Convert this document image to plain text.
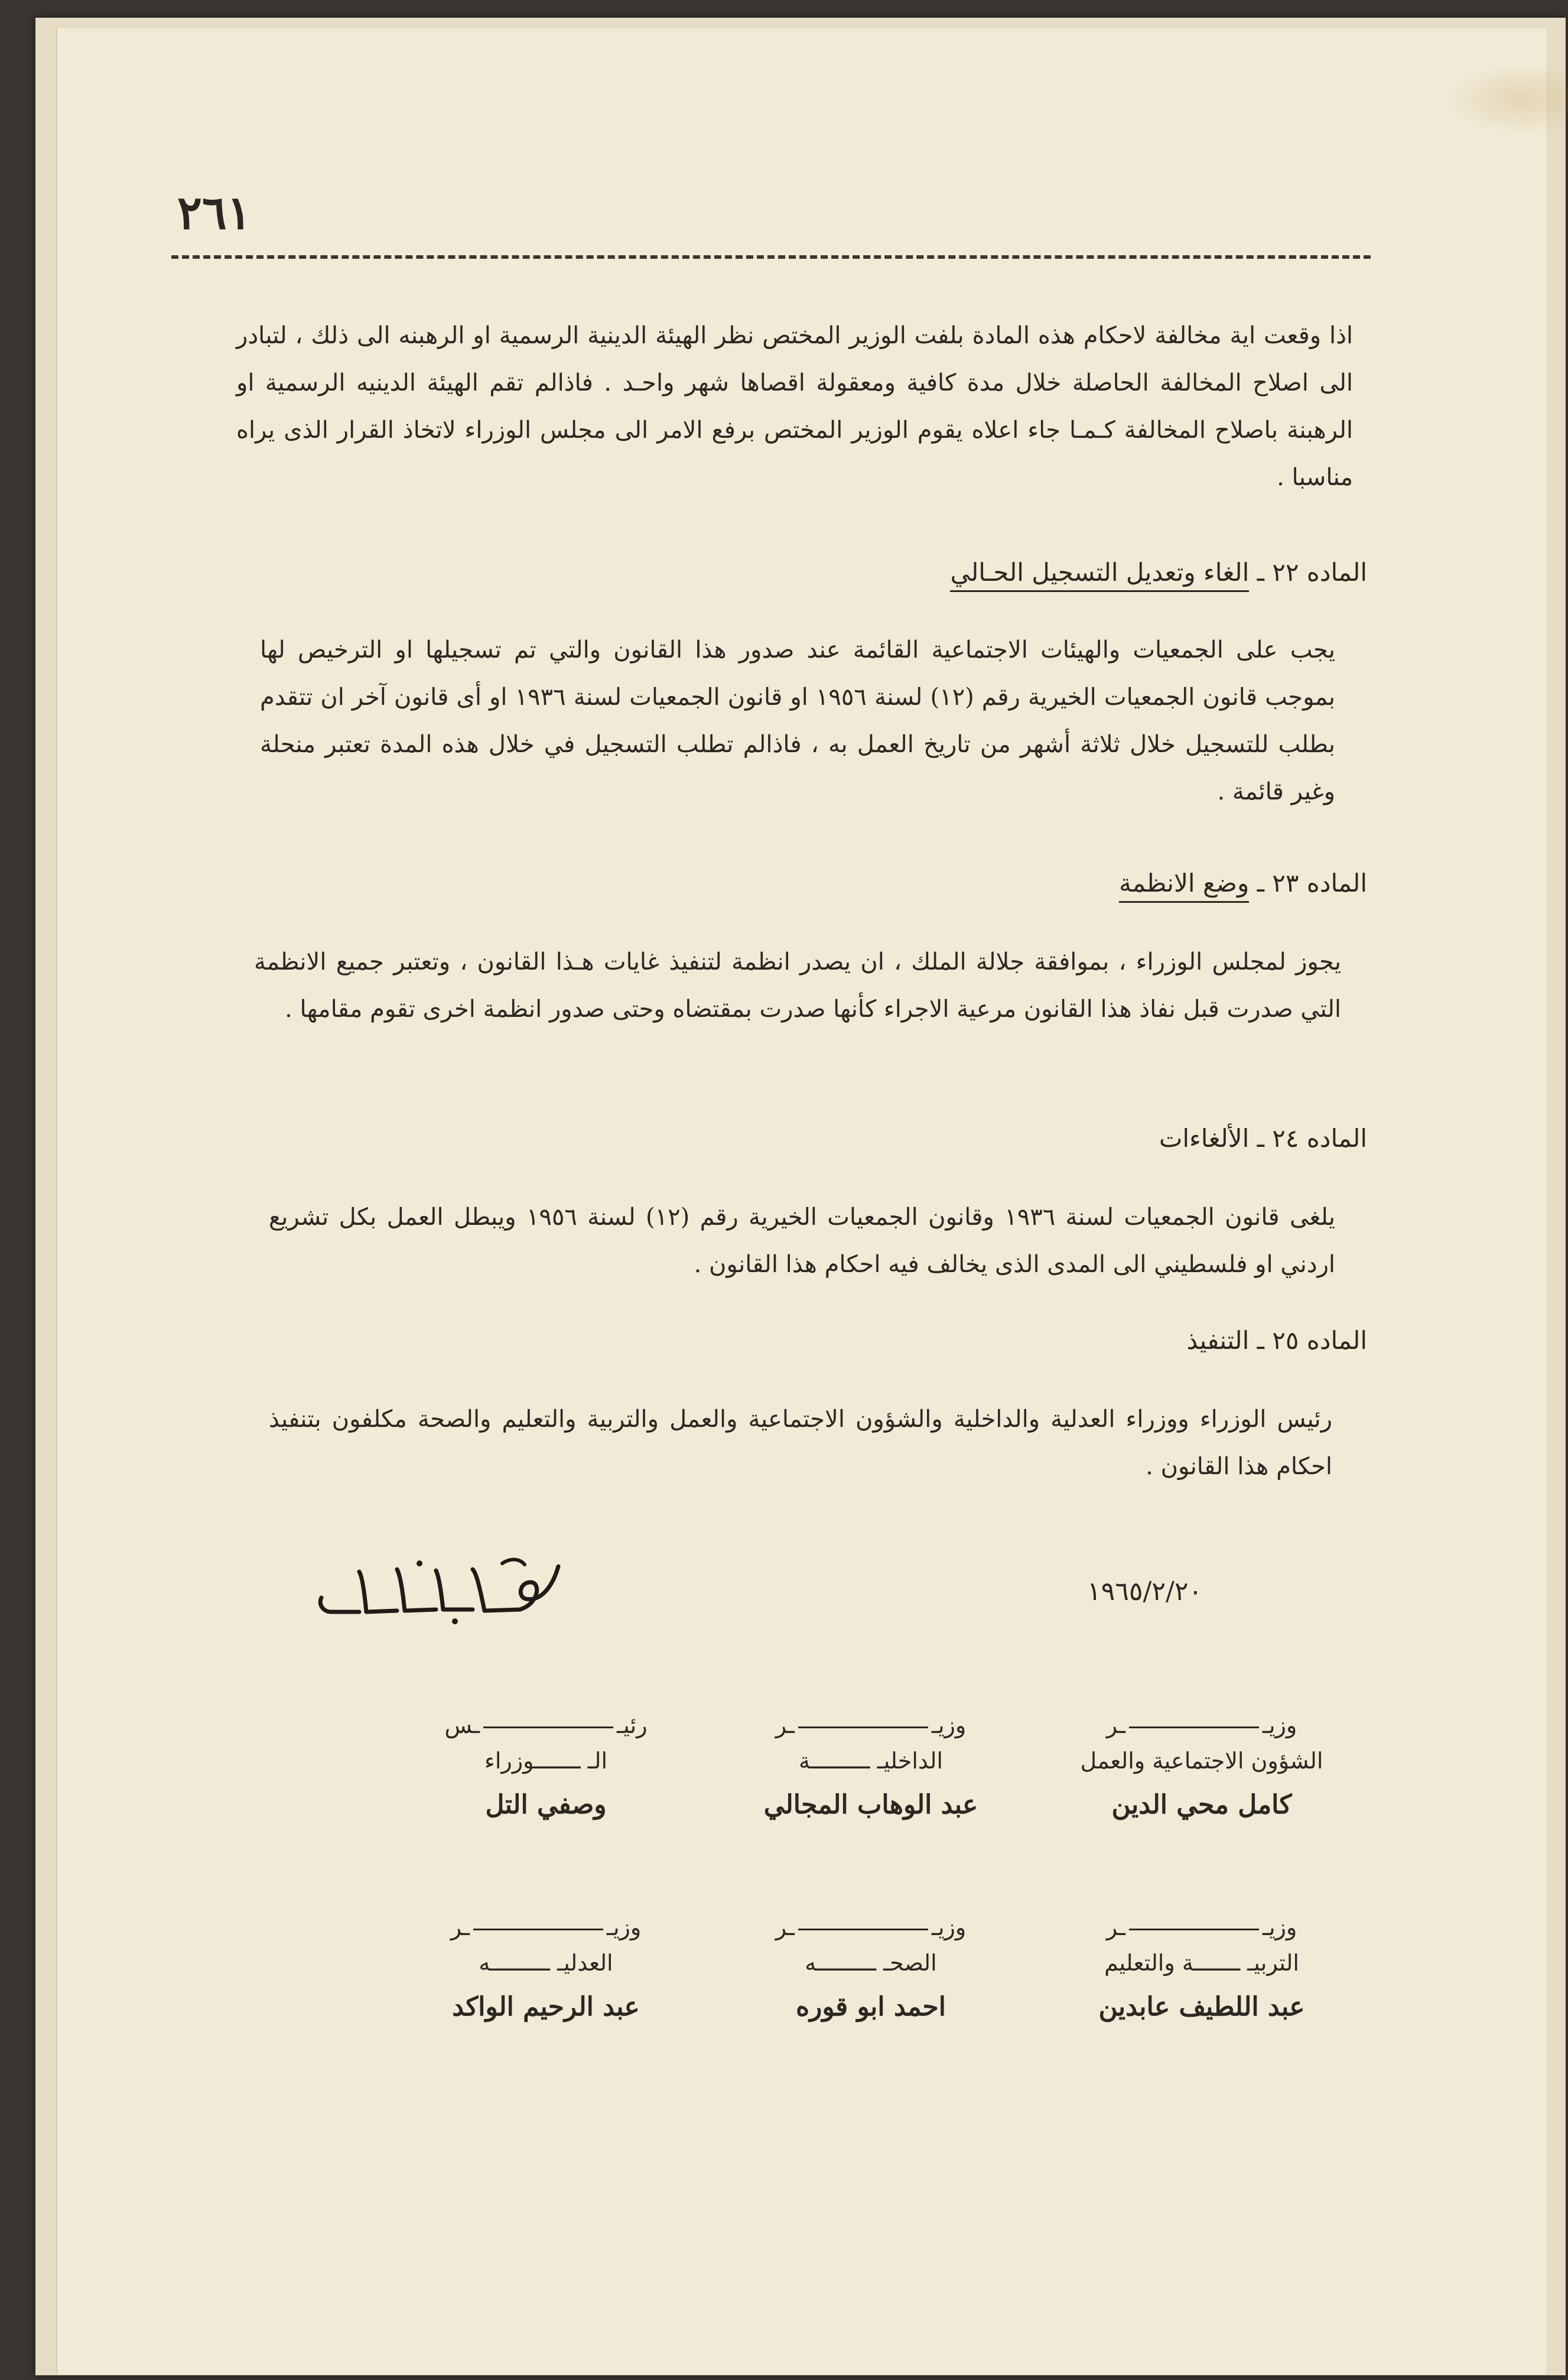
٢٦١
اذا وقعت اية مخالفة لاحكام هذه المادة بلفت الوزير المختص نظر الهيئة الدينية الرسمية او الرهبنه الى ذلك ، لتبادر الى اصلاح المخالفة الحاصلة خلال مدة كافية ومعقولة اقصاها شهر واحـد . فاذالم تقم الهيئة الدينيه الرسمية او الرهبنة باصلاح المخالفة كـمـا جاء اعلاه يقوم الوزير المختص برفع الامر الى مجلس الوزراء لاتخاذ القرار الذى يراه مناسبا .
الماده ٢٢ ـ الغاء وتعديل التسجيل الحـالي
يجب على الجمعيات والهيئات الاجتماعية القائمة عند صدور هذا القانون والتي تم تسجيلها او الترخيص لها بموجب قانون الجمعيات الخيرية رقم (١٢) لسنة ١٩٥٦ او قانون الجمعيات لسنة ١٩٣٦ او أى قانون آخر ان تتقدم بطلب للتسجيل خلال ثلاثة أشهر من تاريخ العمل به ، فاذالم تطلب التسجيل في خلال هذه المدة تعتبر منحلة وغير قائمة .
الماده ٢٣ ـ وضع الانظمة
يجوز لمجلس الوزراء ، بموافقة جلالة الملك ، ان يصدر انظمة لتنفيذ غايات هـذا القانون ، وتعتبر جميع الانظمة التي صدرت قبل نفاذ هذا القانون مرعية الاجراء كأنها صدرت بمقتضاه وحتى صدور انظمة اخرى تقوم مقامها .
الماده ٢٤ ـ الألغاءات
يلغى قانون الجمعيات لسنة ١٩٣٦ وقانون الجمعيات الخيرية رقم (١٢) لسنة ١٩٥٦ ويبطل العمل بكل تشريع اردني او فلسطيني الى المدى الذى يخالف فيه احكام هذا القانون .
الماده ٢٥ ـ التنفيذ
رئيس الوزراء ووزراء العدلية والداخلية والشؤون الاجتماعية والعمل والتربية والتعليم والصحة مكلفون بتنفيذ احكام هذا القانون .
١٩٦٥/٢/٢٠
وزيــر
الشؤون الاجتماعية والعمل
كامل محي الدين
وزيــر
الداخليـ ـــــــــة
عبد الوهاب المجالي
رئيــس
الـ ـــــــوزراء
وصفي التل
وزيــر
التربيـ ـــــــة والتعليم
عبد اللطيف عابدين
وزيــر
الصحـ ـــــــــه
احمد ابو قوره
وزيــر
العدليـ ـــــــــه
عبد الرحيم الواكد
